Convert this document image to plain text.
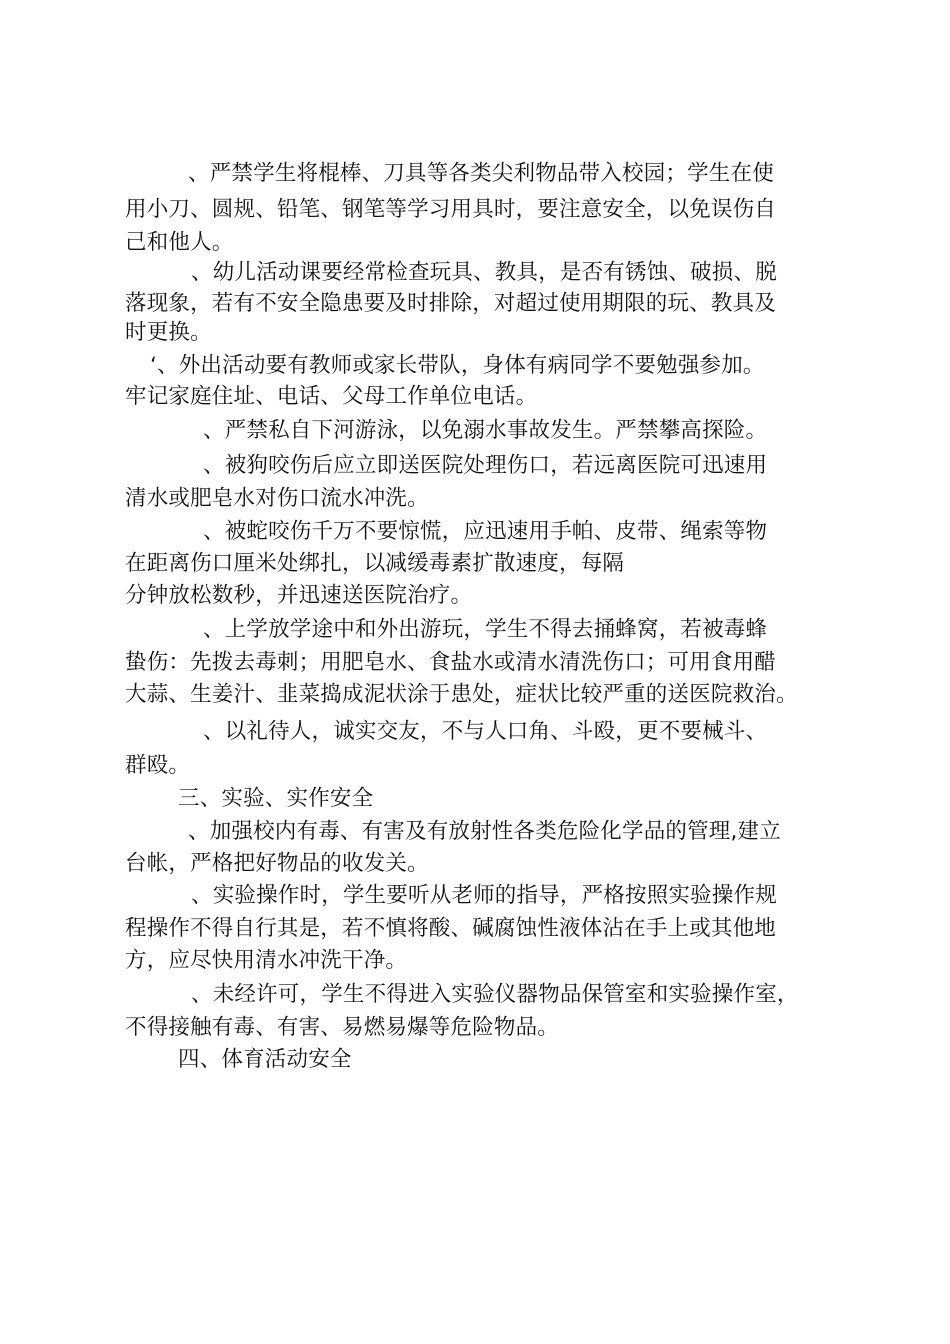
、严禁学生将棍棒、刀具等各类尖利物品带入校园；学生在使
用小刀、圆规、铅笔、钢笔等学习用具时，要注意安全，以免误伤自
己和他人。
、幼儿活动课要经常检查玩具、教具，是否有锈蚀、破损、脱
落现象，若有不安全隐患要及时排除，对超过使用期限的玩、教具及
时更换。
‘、外出活动要有教师或家长带队，身体有病同学不要勉强参加。
牢记家庭住址、电话、父母工作单位电话。
、严禁私自下河游泳，以免溺水事故发生。严禁攀高探险。
、被狗咬伤后应立即送医院处理伤口，若远离医院可迅速用
清水或肥皂水对伤口流水冲洗。
、被蛇咬伤千万不要惊慌，应迅速用手帕、皮带、绳索等物
在距离伤口厘米处绑扎，以减缓毒素扩散速度，每隔
分钟放松数秒，并迅速送医院治疗。
、上学放学途中和外出游玩，学生不得去捅蜂窝，若被毒蜂
蛰伤：先拨去毒刺；用肥皂水、食盐水或清水清洗伤口；可用食用醋
大蒜、生姜汁、韭菜捣成泥状涂于患处，症状比较严重的送医院救治。
、以礼待人，诚实交友，不与人口角、斗殴，更不要械斗、
群殴。
三、实验、实作安全
、加强校内有毒、有害及有放射性各类危险化学品的管理,建立
台帐，严格把好物品的收发关。
、实验操作时，学生要听从老师的指导，严格按照实验操作规
程操作不得自行其是，若不慎将酸、碱腐蚀性液体沾在手上或其他地
方，应尽快用清水冲洗干净。
、未经许可，学生不得进入实验仪器物品保管室和实验操作室，
不得接触有毒、有害、易燃易爆等危险物品。
四、体育活动安全
